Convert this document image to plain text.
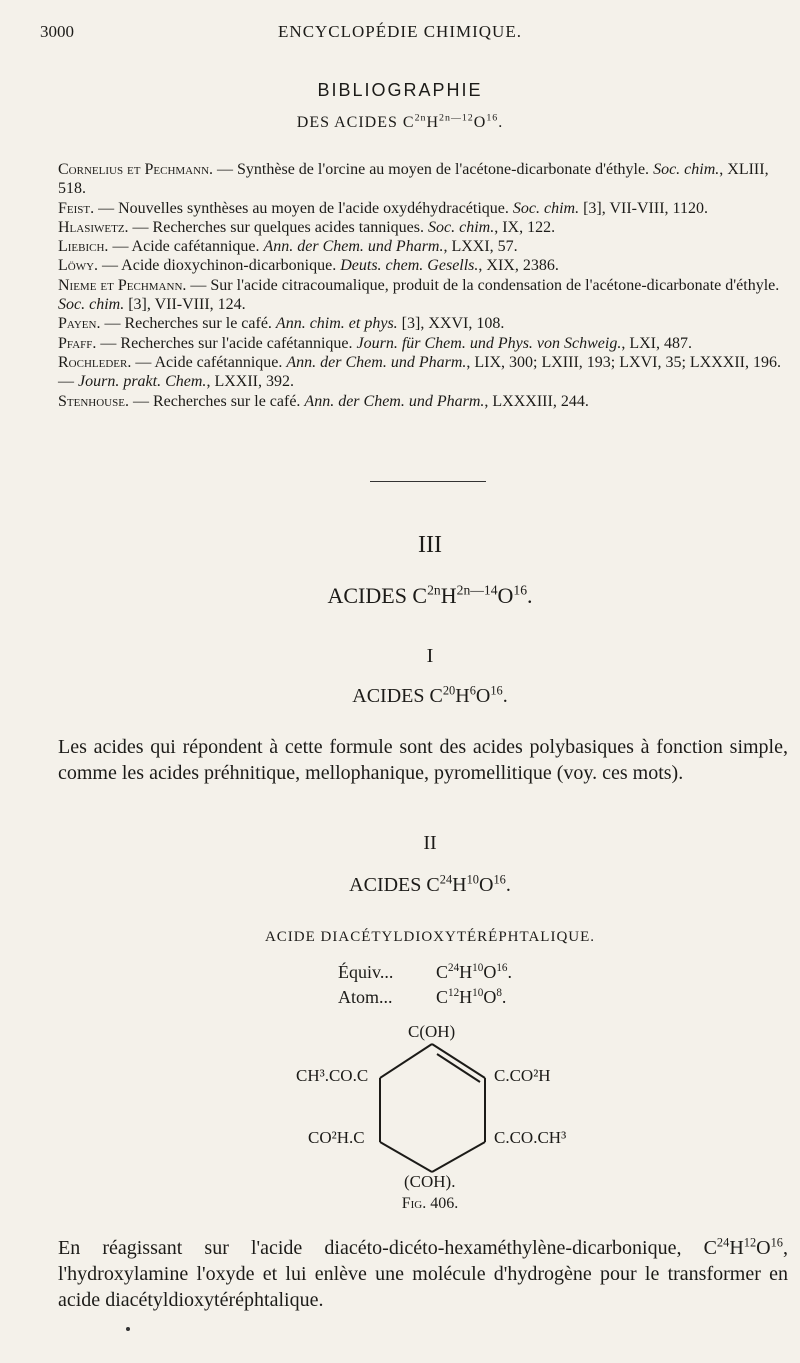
3000	ENCYCLOPÉDIE CHIMIQUE.
BIBLIOGRAPHIE
DES ACIDES $C^{2n}H^{2n—12}O^{16}$.

Cornelius et Pechmann. — Synthèse de l'orcine au moyen de l'acétone-dicarbonate d'éthyle. Soc. chim., XLIII, 518.

Feist. — Nouvelles synthèses au moyen de l'acide oxydéhydracétique. Soc. chim. [3], VII-VIII, 1120.

Hlasiwetz. — Recherches sur quelques acides tanniques. Soc. chim., IX, 122.

Liebich. — Acide cafétannique. Ann. der Chem. und Pharm., LXXI, 57.

Löwy. — Acide dioxychinon-dicarbonique. Deuts. chem. Gesells., XIX, 2386.

Nieme et Pechmann. — Sur l'acide citracoumalique, produit de la condensation de l'acétone-dicarbonate d'éthyle. Soc. chim. [3], VII-VIII, 124.

Payen. — Recherches sur le café. Ann. chim. et phys. [3], XXVI, 108.

Pfaff. — Recherches sur l'acide cafétannique. Journ. für Chem. und Phys. von Schweig., LXI, 487.

Rochleder. — Acide cafétannique. Ann. der Chem. und Pharm., LIX, 300; LXIII, 193; LXVI, 35; LXXXII, 196. — Journ. prakt. Chem., LXXII, 392.

Stenhouse. — Recherches sur le café. Ann. der Chem. und Pharm., LXXXIII, 244.

III
ACIDES $C^{2n}H^{2n—14}O^{16}$.
I
ACIDES $C^{20}H^6O^{16}$.
Les acides qui répondent à cette formule sont des acides polybasiques à fonction simple, comme les acides préhnitique, mellophanique, pyromellitique (voy. ces mots).
II
ACIDES $C^{24}H^{10}O^{16}$.
ACIDE DIACÉTYLDIOXYTÉRÉPHTALIQUE.
Équiv... $C^{24}H^{10}O^{16}$.
Atom... $C^{12}H^{10}O^8$.
C(OH)
CH³.CO.C	C.CO²H
CO²H.C	C.CO.CH³
(COH).
Fig. 406.
En réagissant sur l'acide diacéto-dicéto-hexaméthylène-dicarbonique, $C^{24}H^{12}O^{16}$, l'hydroxylamine l'oxyde et lui enlève une molécule d'hydrogène pour le transformer en acide diacétyldioxytéréphtalique.
